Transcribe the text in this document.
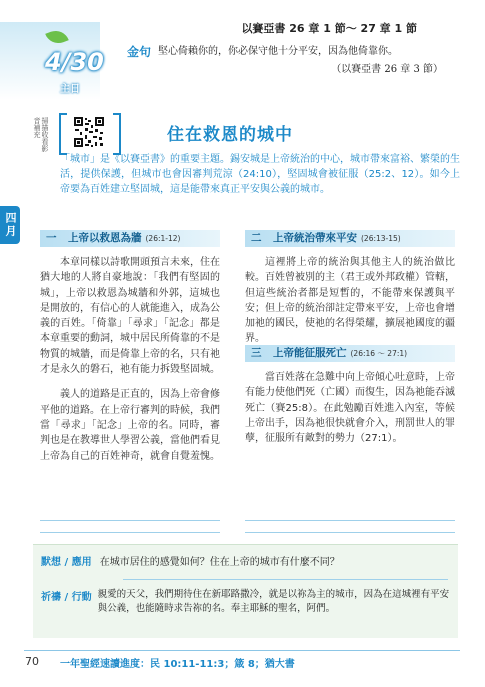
4/30
主日
以賽亞書 26 章 1 節～ 27 章 1 節
金句 堅心倚賴你的，你必保守他十分平安，因為他倚靠你。
（以賽亞書 26 章 3 節）
四月
掃描收看影音補充	住在救恩的城中
「城市」是《以賽亞書》的重要主題。錫安城是上帝統治的中心，城市帶來富裕、繁榮的生活，提供保護，但城市也會因審判荒涼（24:10），堅固城會被征服（25:2、12）。如今上帝要為百姓建立堅固城，這是能帶來真正平安與公義的城市。
一 上帝以救恩為牆 (26:1-12)

本章同樣以詩歌開頭預言未來，住在猶大地的人將自豪地說：「我們有堅固的城」，上帝以救恩為城牆和外郭，這城也是開放的，有信心的人就能進入，成為公義的百姓。「倚靠」「尋求」「記念」都是本章重要的動詞，城中居民所倚靠的不是物質的城牆，而是倚靠上帝的名，只有祂才是永久的磐石，祂有能力拆毀堅固城。

義人的道路是正直的，因為上帝會修平他的道路。在上帝行審判的時候，我們當「尋求」「記念」上帝的名。同時，審判也是在教導世人學習公義，當他們看見上帝為自己的百姓神奇，就會自覺羞愧。

二 上帝統治帶來平安 (26:13-15)

這裡將上帝的統治與其他主人的統治做比較。百姓曾被別的主（君王或外邦政權）管轄，但這些統治者都是短暫的，不能帶來保護與平安；但上帝的統治卻註定帶來平安，上帝也會增加祂的國民，使祂的名得榮耀，擴展祂國度的疆界。

三 上帝能征服死亡 (26:16 ～ 27:1)

當百姓落在急難中向上帝傾心吐意時，上帝有能力使他們死（亡國）而復生，因為祂能吞滅死亡（賽25:8）。在此勉勵百姓進入內室，等候上帝出手，因為祂很快就會介入，刑罰世人的罪孽，征服所有敵對的勢力（27:1）。

默想 / 應用 在城市居住的感覺如何？住在上帝的城市有什麼不同？
祈禱 / 行動 親愛的天父，我們期待住在新耶路撒冷，就是以祢為主的城市，因為在這城裡有平安與公義，也能隨時求告祢的名。奉主耶穌的聖名，阿們。
70 一年聖經速讀進度：民 10:11-11:3；箴 8；猶大書
